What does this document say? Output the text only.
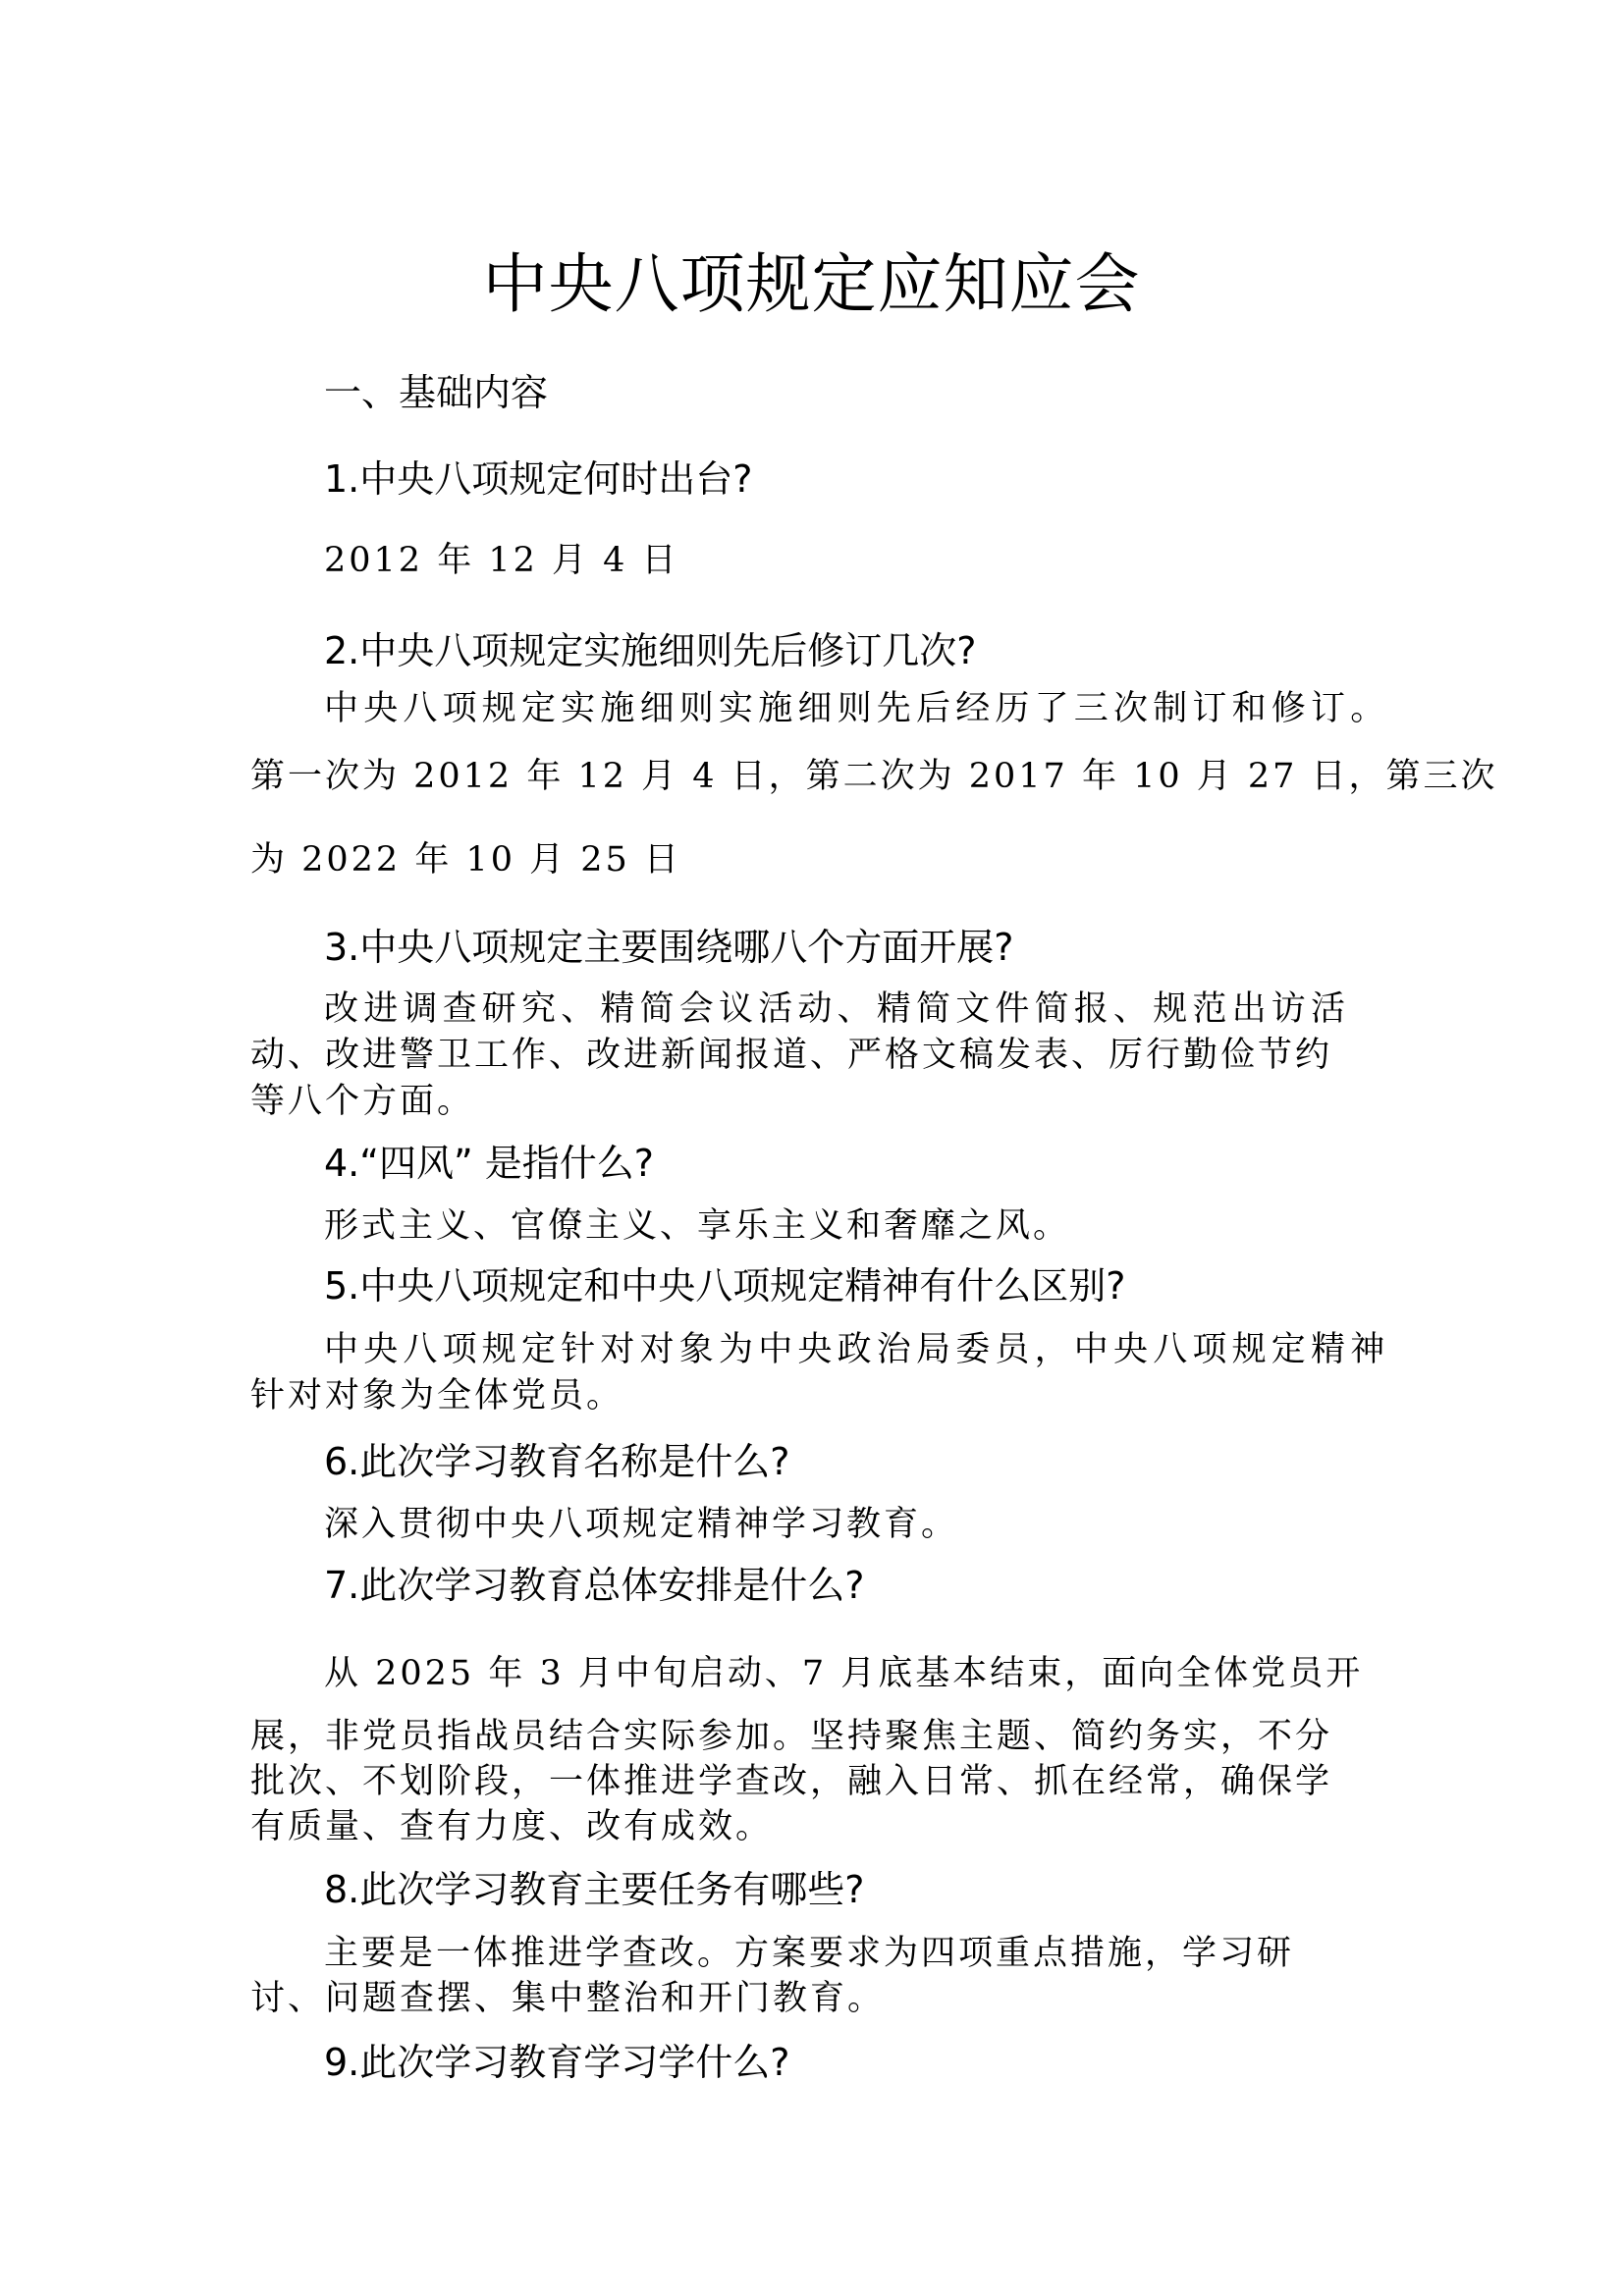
中央八项规定应知应会
一、基础内容
1.中央八项规定何时出台?

2012 年 12 月 4 日

2.中央八项规定实施细则先后修订几次?

中央八项规定实施细则实施细则先后经历了三次制订和修订。

第一次为 2012 年 12 月 4 日，第二次为 2017 年 10 月 27 日，第三次

为 2022 年 10 月 25 日

3.中央八项规定主要围绕哪八个方面开展?

改进调查研究、精简会议活动、精简文件简报、规范出访活

动、改进警卫工作、改进新闻报道、严格文稿发表、厉行勤俭节约

等八个方面。

4.“四风” 是指什么?

形式主义、官僚主义、享乐主义和奢靡之风。

5.中央八项规定和中央八项规定精神有什么区别?

中央八项规定针对对象为中央政治局委员，中央八项规定精神

针对对象为全体党员。

6.此次学习教育名称是什么?

深入贯彻中央八项规定精神学习教育。

7.此次学习教育总体安排是什么?

从 2025 年 3 月中旬启动、7 月底基本结束，面向全体党员开

展，非党员指战员结合实际参加。坚持聚焦主题、简约务实，不分

批次、不划阶段，一体推进学查改，融入日常、抓在经常，确保学

有质量、查有力度、改有成效。

8.此次学习教育主要任务有哪些?

主要是一体推进学查改。方案要求为四项重点措施，学习研

讨、问题查摆、集中整治和开门教育。

9.此次学习教育学习学什么?
